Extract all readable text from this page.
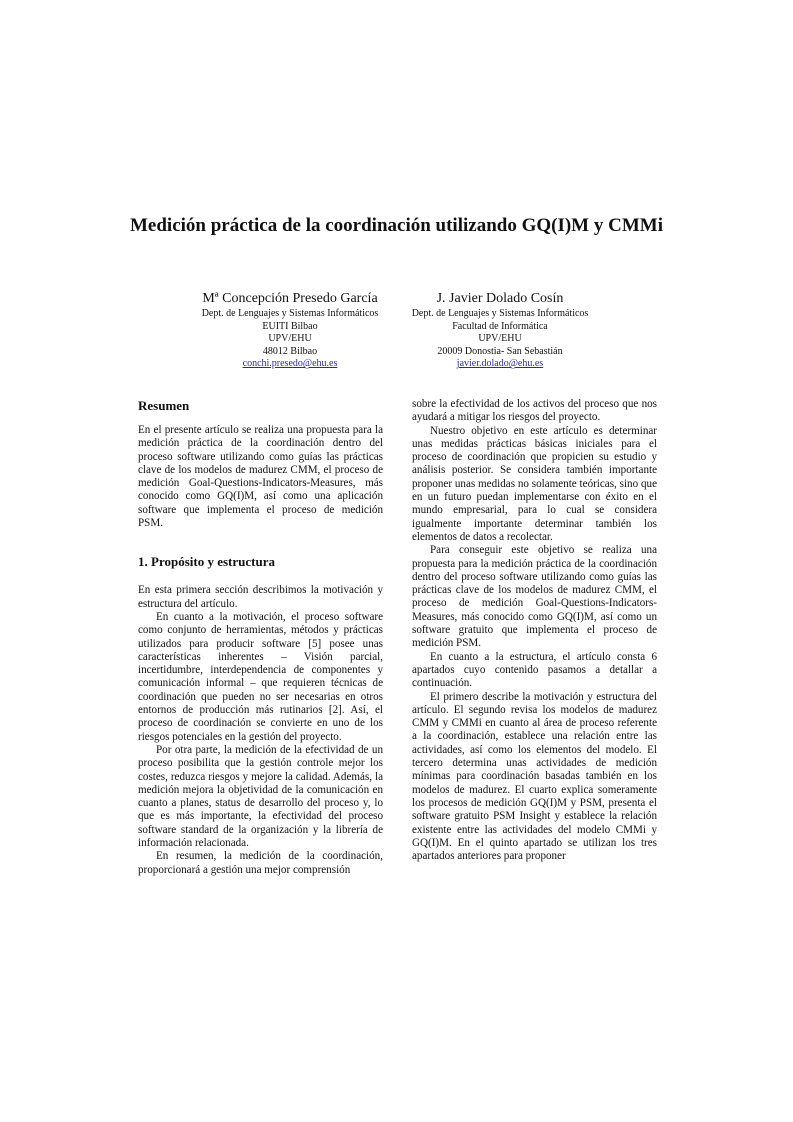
Medición práctica de la coordinación utilizando GQ(I)M y CMMi
Mª Concepción Presedo García
Dept. de Lenguajes y Sistemas Informáticos
EUITI Bilbao
UPV/EHU
48012 Bilbao
conchi.presedo@ehu.es
J. Javier Dolado Cosín
Dept. de Lenguajes y Sistemas Informáticos
Facultad de Informática
UPV/EHU
20009 Donostia- San Sebastián
javier.dolado@ehu.es
Resumen

En el presente artículo se realiza una propuesta para la medición práctica de la coordinación dentro del proceso software utilizando como guías las prácticas clave de los modelos de madurez CMM, el proceso de medición Goal-Questions-Indicators-Measures, más conocido como GQ(I)M, así como una aplicación software que implementa el proceso de medición PSM.

1. Propósito y estructura

En esta primera sección describimos la motivación y estructura del artículo.

En cuanto a la motivación, el proceso software como conjunto de herramientas, métodos y prácticas utilizados para producir software [5] posee unas características inherentes – Visión parcial, incertidumbre, interdependencia de componentes y comunicación informal – que requieren técnicas de coordinación que pueden no ser necesarias en otros entornos de producción más rutinarios [2]. Así, el proceso de coordinación se convierte en uno de los riesgos potenciales en la gestión del proyecto.

Por otra parte, la medición de la efectividad de un proceso posibilita que la gestión controle mejor los costes, reduzca riesgos y mejore la calidad. Además, la medición mejora la objetividad de la comunicación en cuanto a planes, status de desarrollo del proceso y, lo que es más importante, la efectividad del proceso software standard de la organización y la librería de información relacionada.

En resumen, la medición de la coordinación, proporcionará a gestión una mejor comprensión

sobre la efectividad de los activos del proceso que nos ayudará a mitigar los riesgos del proyecto.

Nuestro objetivo en este artículo es determinar unas medidas prácticas básicas iniciales para el proceso de coordinación que propicien su estudio y análisis posterior. Se considera también importante proponer unas medidas no solamente teóricas, sino que en un futuro puedan implementarse con éxito en el mundo empresarial, para lo cual se considera igualmente importante determinar también los elementos de datos a recolectar.

Para conseguir este objetivo se realiza una propuesta para la medición práctica de la coordinación dentro del proceso software utilizando como guías las prácticas clave de los modelos de madurez CMM, el proceso de medición Goal-Questions-Indicators-Measures, más conocido como GQ(I)M, así como un software gratuito que implementa el proceso de medición PSM.

En cuanto a la estructura, el artículo consta 6 apartados cuyo contenido pasamos a detallar a continuación.

El primero describe la motivación y estructura del artículo. El segundo revisa los modelos de madurez CMM y CMMi en cuanto al área de proceso referente a la coordinación, establece una relación entre las actividades, así como los elementos del modelo. El tercero determina unas actividades de medición mínimas para coordinación basadas también en los modelos de madurez. El cuarto explica someramente los procesos de medición GQ(I)M y PSM, presenta el software gratuito PSM Insight y establece la relación existente entre las actividades del modelo CMMi y GQ(I)M. En el quinto apartado se utilizan los tres apartados anteriores para proponer
